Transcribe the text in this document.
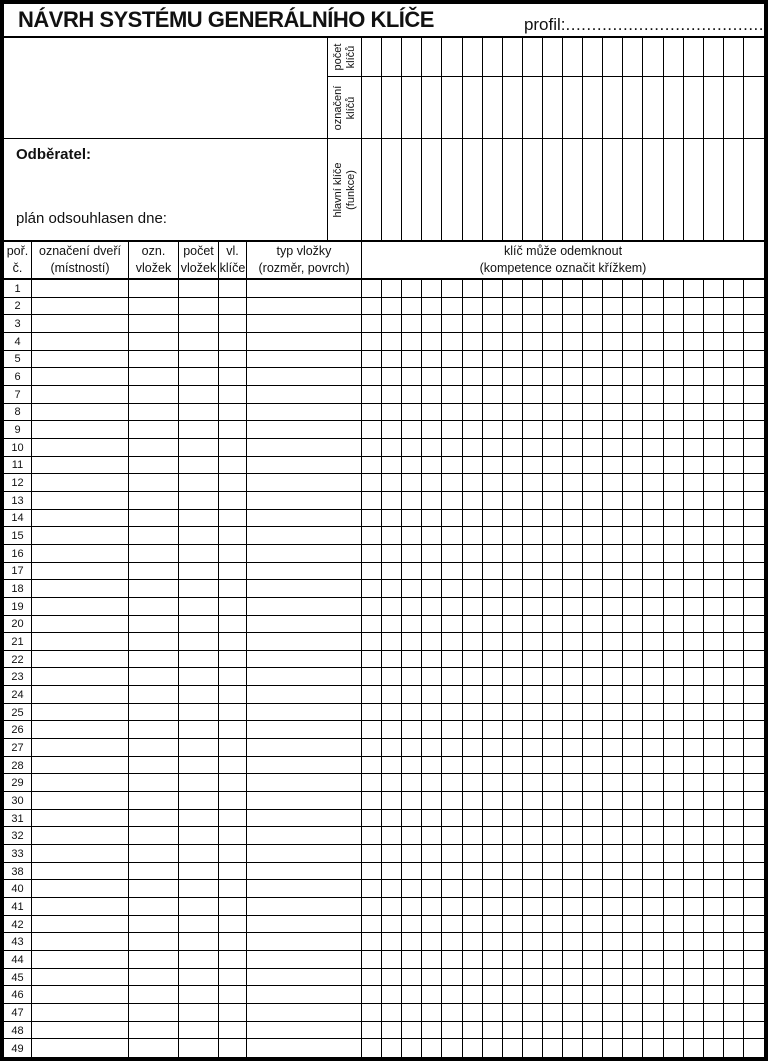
NÁVRH SYSTÉMU GENERÁLNÍHO KLÍČE	profil:......................................
Odběratel:
plán odsouhlasen dne:
počet klíčů
označení klíčů
hlavní klíče (funkce)
poř.
č.
označení dveří
(místností)
ozn.
vložek
počet
vložek
vl.
klíče
typ vložky
(rozměr, povrch)
klíč může odemknout
(kompetence označit křížkem)
1
2
3
4
5
6
7
8
9
10
11
12
13
14
15
16
17
18
19
20
21
22
23
24
25
26
27
28
29
30
31
32
33
38
40
41
42
43
44
45
46
47
48
49
